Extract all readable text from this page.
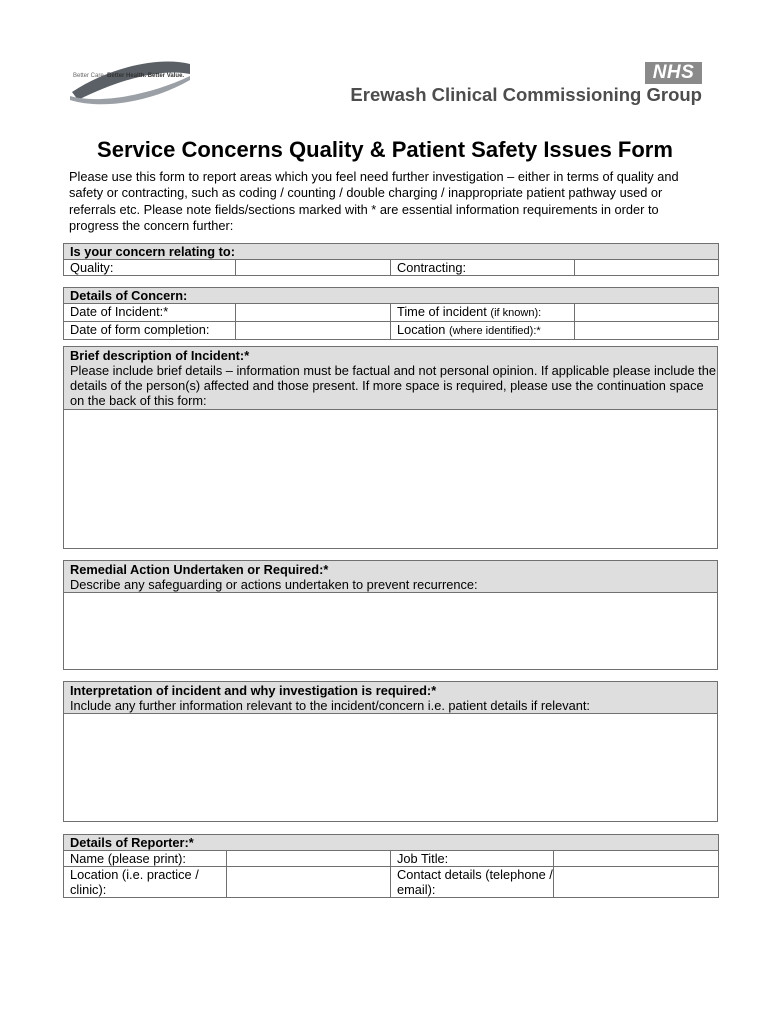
Better Care. Better Health. Better Value.	NHS
Erewash Clinical Commissioning Group
Service Concerns Quality & Patient Safety Issues Form
Please use this form to report areas which you feel need further investigation – either in terms of quality and safety or contracting, such as coding / counting / double charging / inappropriate patient pathway used or referrals etc. Please note fields/sections marked with * are essential information requirements in order to progress the concern further:
Is your concern relating to:
Quality:		Contracting:	
Details of Concern:			
Date of Incident:*		Time of incident (if known):	
Date of form completion:		Location (where identified):*	
Brief description of Incident:*
Please include brief details – information must be factual and not personal opinion. If applicable please include the details of the person(s) affected and those present. If more space is required, please use the continuation space on the back of this form:

Remedial Action Undertaken or Required:*
Describe any safeguarding or actions undertaken to prevent recurrence:

Interpretation of incident and why investigation is required:*
Include any further information relevant to the incident/concern i.e. patient details if relevant:

Details of Reporter:*			
Name (please print):		Job Title:	
Location (i.e. practice / clinic):		Contact details (telephone / email):	
